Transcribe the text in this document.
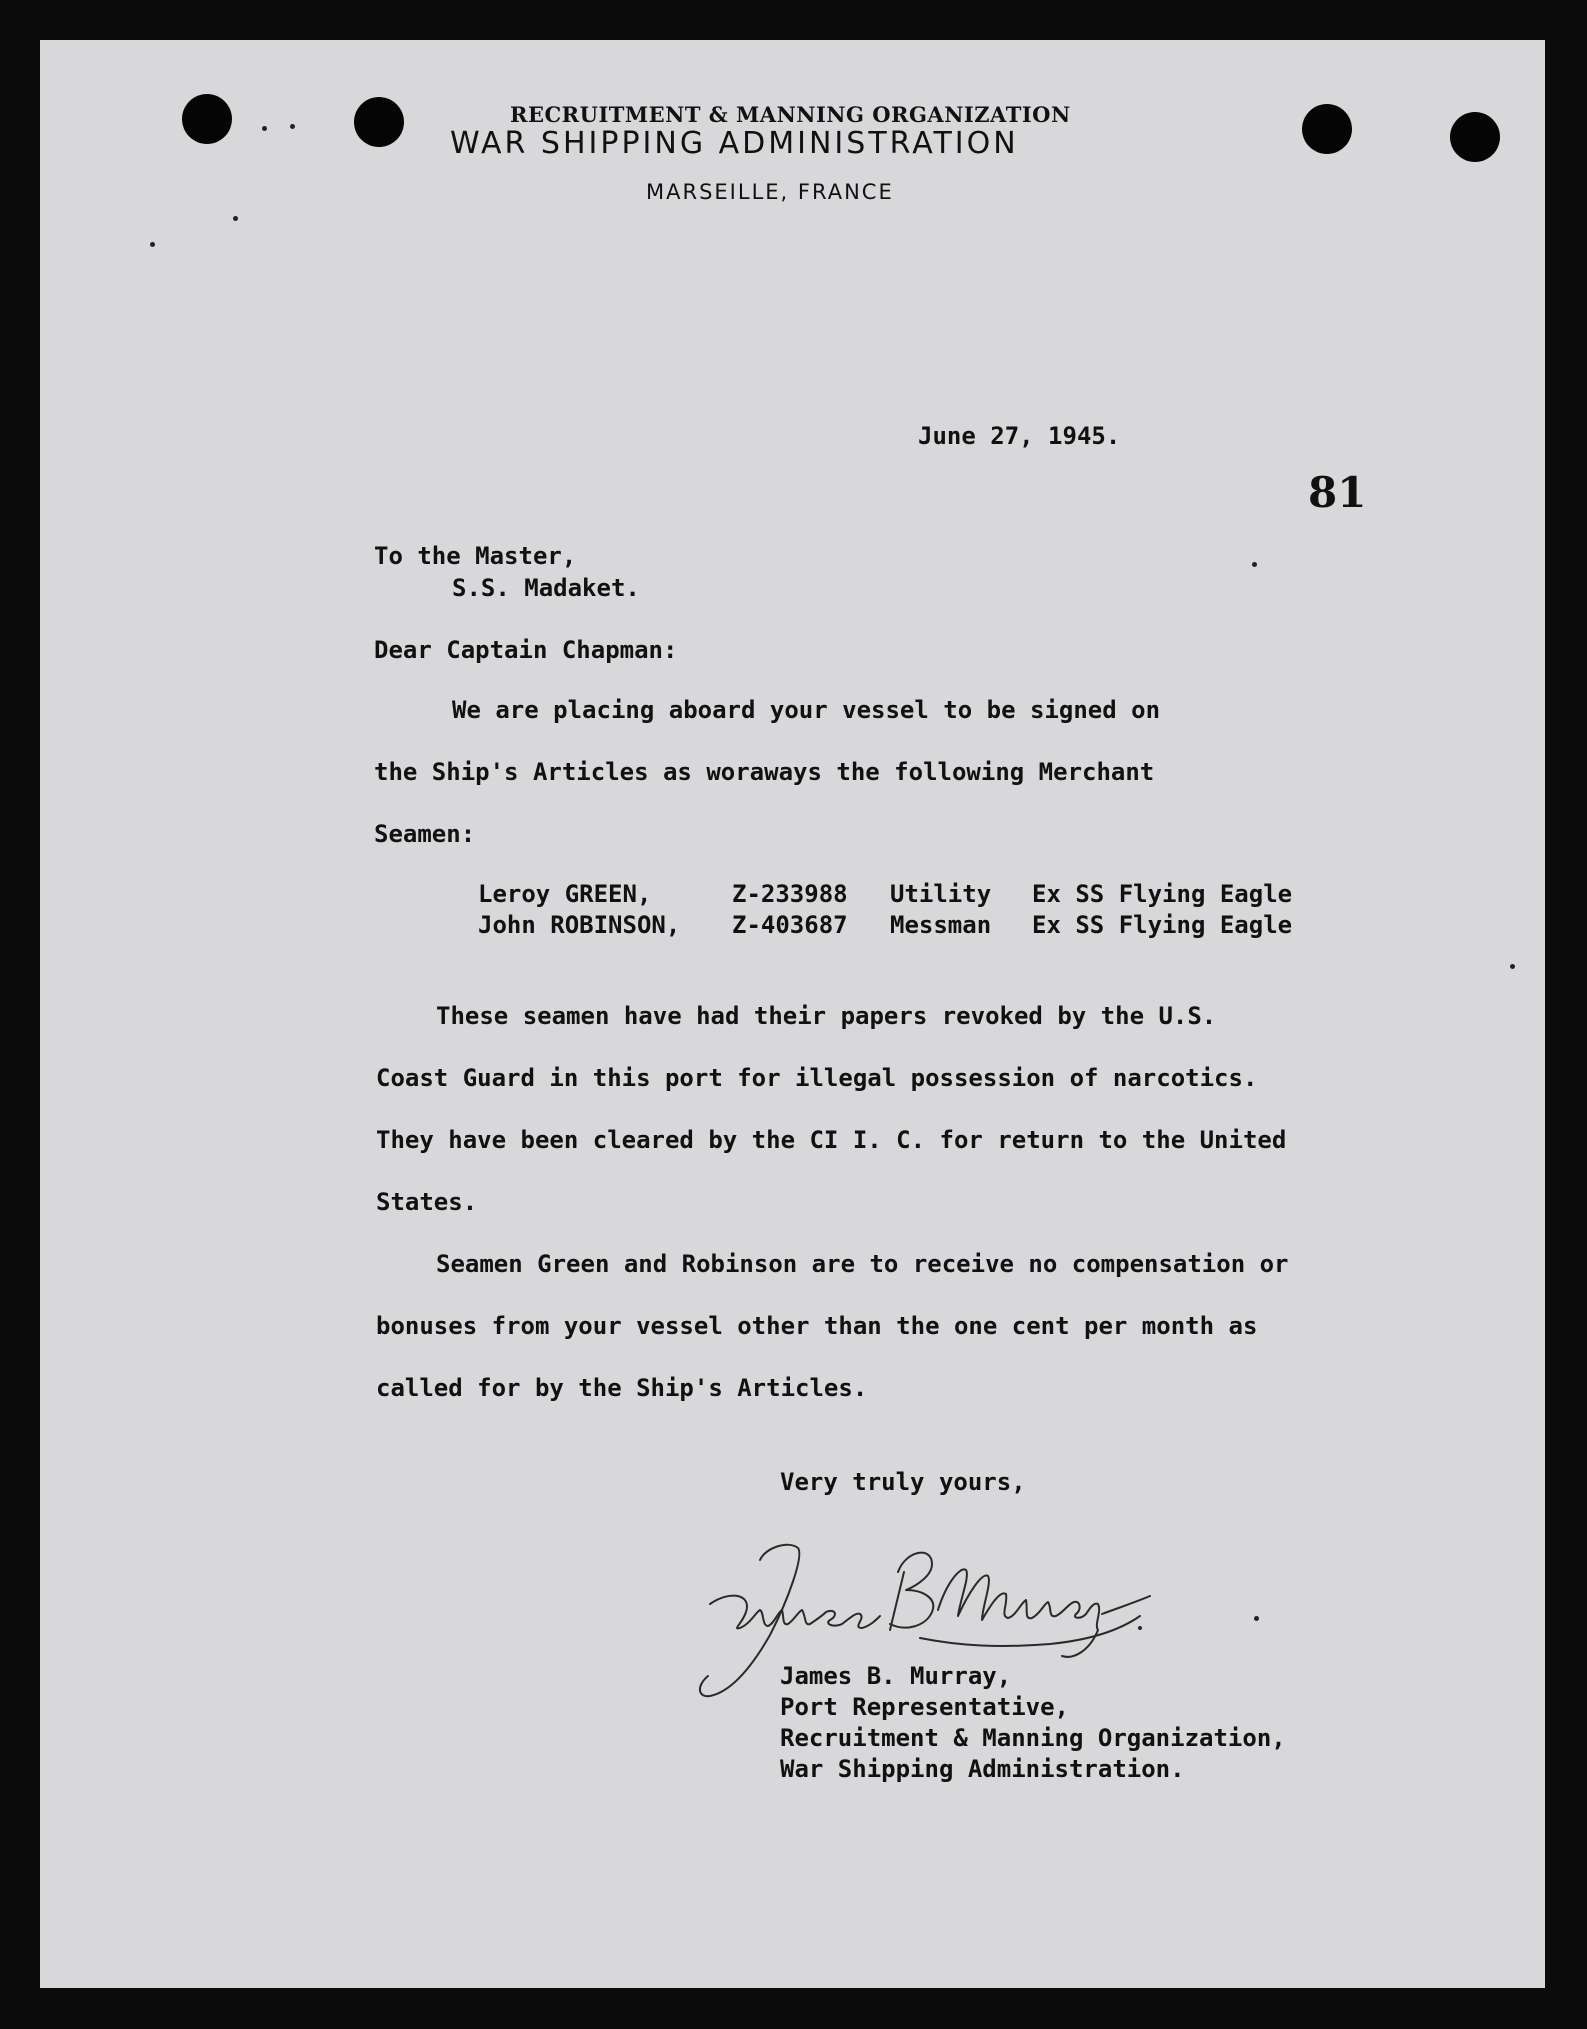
RECRUITMENT & MANNING ORGANIZATION
WAR SHIPPING ADMINISTRATION
MARSEILLE, FRANCE
June 27, 1945.
81
To the Master,
S.S. Madaket.
Dear Captain Chapman:
We are placing aboard your vessel to be signed on
the Ship's Articles as woraways the following Merchant
Seamen:
Leroy GREEN,	Z-233988	Utility	Ex SS Flying Eagle
John ROBINSON,	Z-403687	Messman	Ex SS Flying Eagle
These seamen have had their papers revoked by the U.S.
Coast Guard in this port for illegal possession of narcotics.
They have been cleared by the CI I. C. for return to the United
States.
Seamen Green and Robinson are to receive no compensation or
bonuses from your vessel other than the one cent per month as
called for by the Ship's Articles.
Very truly yours,
James B. Murray,
Port Representative,
Recruitment & Manning Organization,
War Shipping Administration.
